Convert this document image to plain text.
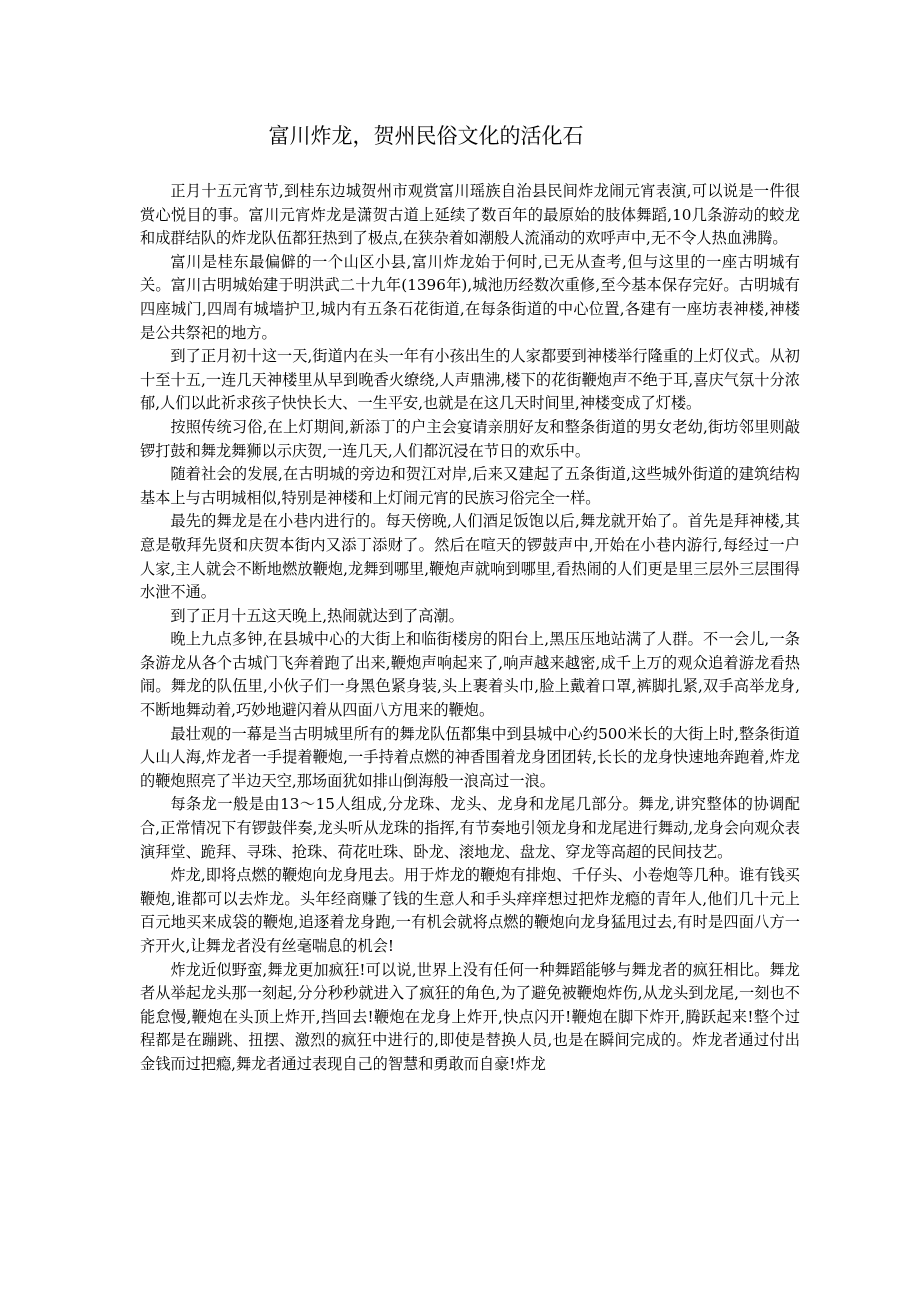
富川炸龙，贺州民俗文化的活化石

正月十五元宵节,到桂东边城贺州市观赏富川瑶族自治县民间炸龙闹元宵表演,可以说是一件很赏心悦目的事。富川元宵炸龙是潇贺古道上延续了数百年的最原始的肢体舞蹈,10几条游动的蛟龙和成群结队的炸龙队伍都狂热到了极点,在狭杂着如潮般人流涌动的欢呼声中,无不令人热血沸腾。

富川是桂东最偏僻的一个山区小县,富川炸龙始于何时,已无从查考,但与这里的一座古明城有关。富川古明城始建于明洪武二十九年(1396年),城池历经数次重修,至今基本保存完好。古明城有四座城门,四周有城墙护卫,城内有五条石花街道,在每条街道的中心位置,各建有一座坊表神楼,神楼是公共祭祀的地方。

到了正月初十这一天,街道内在头一年有小孩出生的人家都要到神楼举行隆重的上灯仪式。从初十至十五,一连几天神楼里从早到晚香火缭绕,人声鼎沸,楼下的花街鞭炮声不绝于耳,喜庆气氛十分浓郁,人们以此祈求孩子快快长大、一生平安,也就是在这几天时间里,神楼变成了灯楼。

按照传统习俗,在上灯期间,新添丁的户主会宴请亲朋好友和整条街道的男女老幼,街坊邻里则敲锣打鼓和舞龙舞狮以示庆贺,一连几天,人们都沉浸在节日的欢乐中。

随着社会的发展,在古明城的旁边和贺江对岸,后来又建起了五条街道,这些城外街道的建筑结构基本上与古明城相似,特别是神楼和上灯闹元宵的民族习俗完全一样。

最先的舞龙是在小巷内进行的。每天傍晚,人们酒足饭饱以后,舞龙就开始了。首先是拜神楼,其意是敬拜先贤和庆贺本街内又添丁添财了。然后在喧天的锣鼓声中,开始在小巷内游行,每经过一户人家,主人就会不断地燃放鞭炮,龙舞到哪里,鞭炮声就响到哪里,看热闹的人们更是里三层外三层围得水泄不通。

到了正月十五这天晚上,热闹就达到了高潮。

晚上九点多钟,在县城中心的大街上和临街楼房的阳台上,黑压压地站满了人群。不一会儿,一条条游龙从各个古城门飞奔着跑了出来,鞭炮声响起来了,响声越来越密,成千上万的观众追着游龙看热闹。舞龙的队伍里,小伙子们一身黑色紧身装,头上裹着头巾,脸上戴着口罩,裤脚扎紧,双手高举龙身,不断地舞动着,巧妙地避闪着从四面八方甩来的鞭炮。

最壮观的一幕是当古明城里所有的舞龙队伍都集中到县城中心约500米长的大街上时,整条街道人山人海,炸龙者一手提着鞭炮,一手持着点燃的神香围着龙身团团转,长长的龙身快速地奔跑着,炸龙的鞭炮照亮了半边天空,那场面犹如排山倒海般一浪高过一浪。

每条龙一般是由13～15人组成,分龙珠、龙头、龙身和龙尾几部分。舞龙,讲究整体的协调配合,正常情况下有锣鼓伴奏,龙头听从龙珠的指挥,有节奏地引领龙身和龙尾进行舞动,龙身会向观众表演拜堂、跪拜、寻珠、抢珠、荷花吐珠、卧龙、滚地龙、盘龙、穿龙等高超的民间技艺。

炸龙,即将点燃的鞭炮向龙身甩去。用于炸龙的鞭炮有排炮、千仔头、小卷炮等几种。谁有钱买鞭炮,谁都可以去炸龙。头年经商赚了钱的生意人和手头痒痒想过把炸龙瘾的青年人,他们几十元上百元地买来成袋的鞭炮,追逐着龙身跑,一有机会就将点燃的鞭炮向龙身猛甩过去,有时是四面八方一齐开火,让舞龙者没有丝毫喘息的机会!

炸龙近似野蛮,舞龙更加疯狂!可以说,世界上没有任何一种舞蹈能够与舞龙者的疯狂相比。舞龙者从举起龙头那一刻起,分分秒秒就进入了疯狂的角色,为了避免被鞭炮炸伤,从龙头到龙尾,一刻也不能怠慢,鞭炮在头顶上炸开,挡回去!鞭炮在龙身上炸开,快点闪开!鞭炮在脚下炸开,腾跃起来!整个过程都是在蹦跳、扭摆、激烈的疯狂中进行的,即使是替换人员,也是在瞬间完成的。炸龙者通过付出金钱而过把瘾,舞龙者通过表现自己的智慧和勇敢而自豪!炸龙
